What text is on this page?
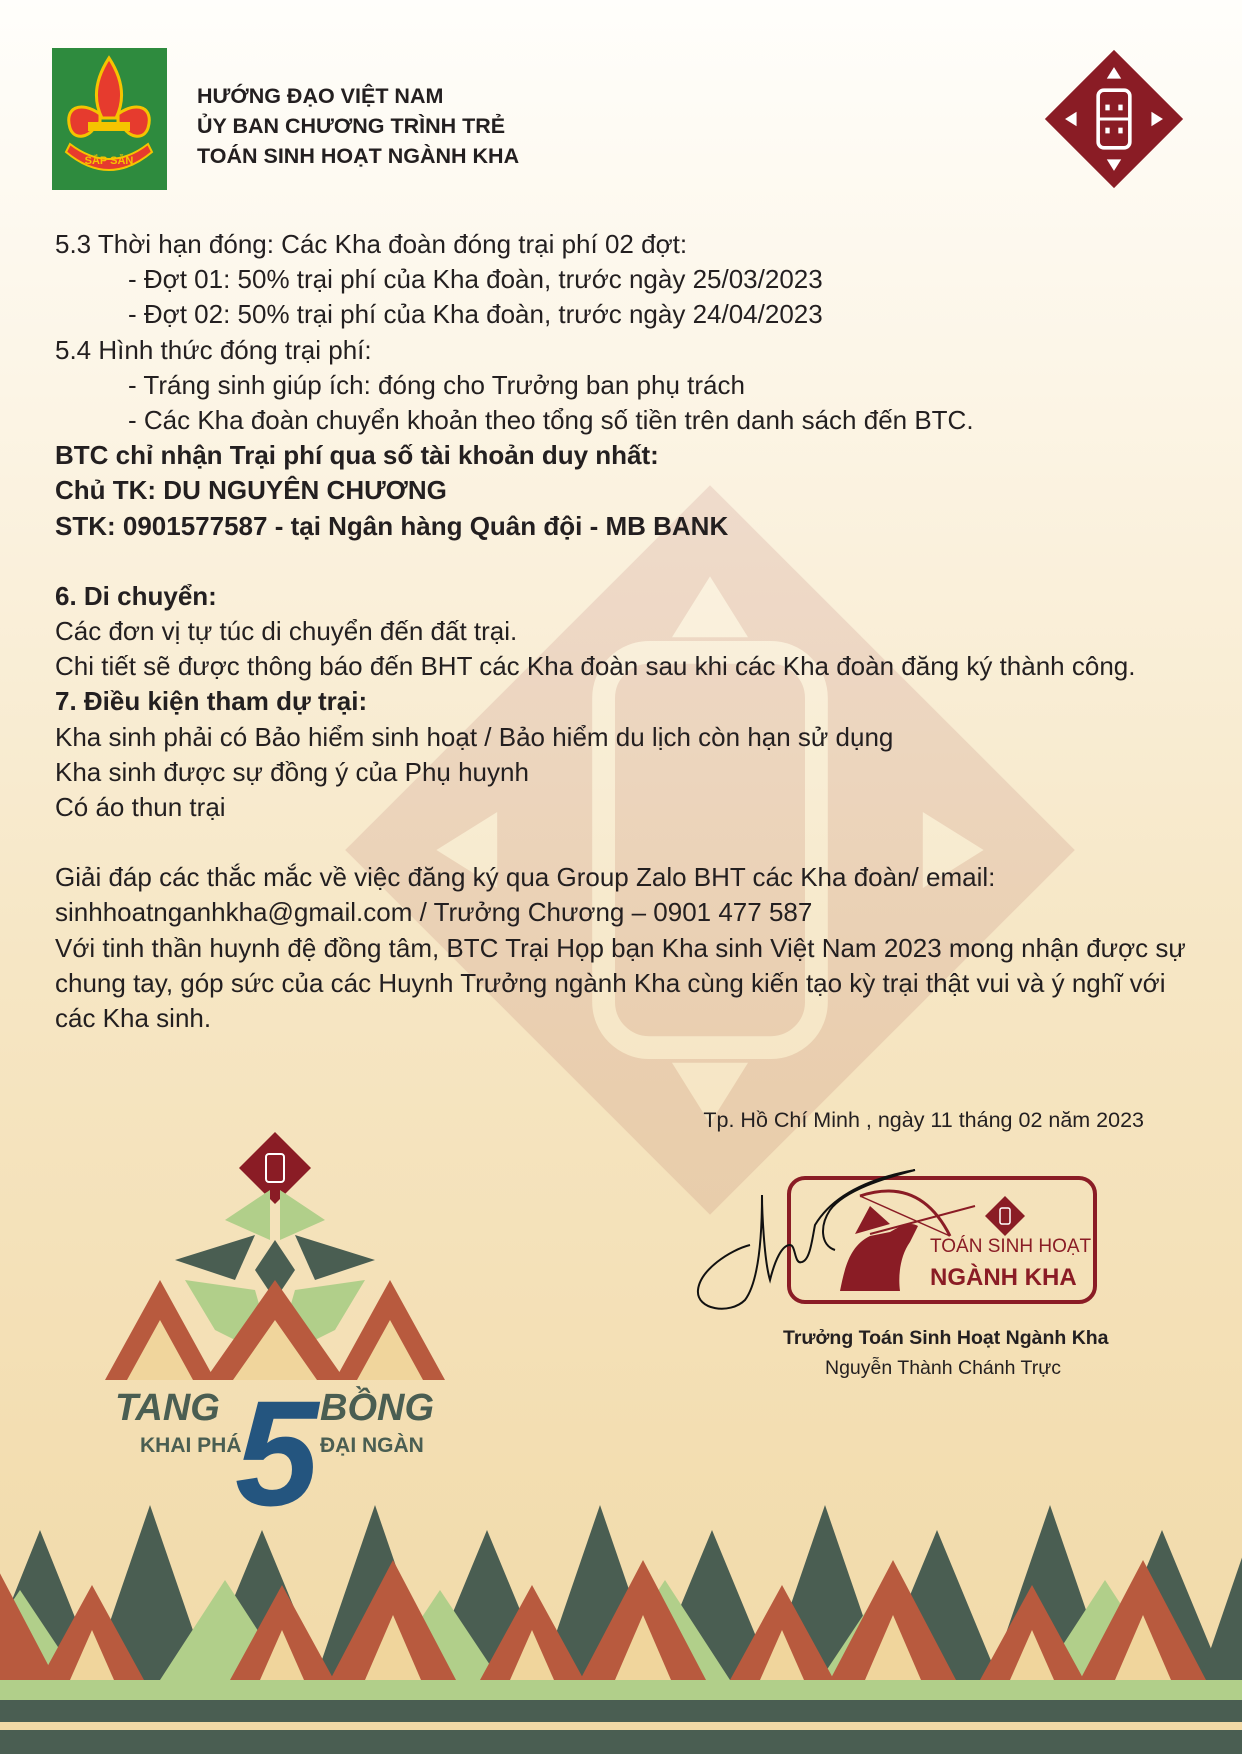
SẮP SẴN
HƯỚNG ĐẠO VIỆT NAM
ỦY BAN CHƯƠNG TRÌNH TRẺ
TOÁN SINH HOẠT NGÀNH KHA
5.3 Thời hạn đóng: Các Kha đoàn đóng trại phí 02 đợt:
- Đợt 01: 50% trại phí của Kha đoàn, trước ngày 25/03/2023
- Đợt 02: 50% trại phí của Kha đoàn, trước ngày 24/04/2023
5.4 Hình thức đóng trại phí:
- Tráng sinh giúp ích: đóng cho Trưởng ban phụ trách
- Các Kha đoàn chuyển khoản theo tổng số tiền trên danh sách đến BTC.
BTC chỉ nhận Trại phí qua số tài khoản duy nhất:
Chủ TK: DU NGUYÊN CHƯƠNG
STK: 0901577587 - tại Ngân hàng Quân đội - MB BANK
6. Di chuyển:
Các đơn vị tự túc di chuyển đến đất trại.
Chi tiết sẽ được thông báo đến BHT các Kha đoàn sau khi các Kha đoàn đăng ký thành công.
7. Điều kiện tham dự trại:
Kha sinh phải có Bảo hiểm sinh hoạt / Bảo hiểm du lịch còn hạn sử dụng
Kha sinh được sự đồng ý của Phụ huynh
Có áo thun trại
Giải đáp các thắc mắc về việc đăng ký qua Group Zalo BHT các Kha đoàn/ email:
sinhhoatnganhkha@gmail.com / Trưởng Chương – 0901 477 587
Với tinh thần huynh đệ đồng tâm, BTC Trại Họp bạn Kha sinh Việt Nam 2023 mong nhận được sự chung tay, góp sức của các Huynh Trưởng ngành Kha cùng kiến tạo kỳ trại thật vui và ý nghĩ với các Kha sinh.
Tp. Hồ Chí Minh , ngày 11 tháng 02 năm 2023
TANG	BỒNG
5
KHAI PHÁ	ĐẠI NGÀN
TOÁN SINH HOẠT
NGÀNH KHA
Trưởng Toán Sinh Hoạt Ngành Kha
Nguyễn Thành Chánh Trực
